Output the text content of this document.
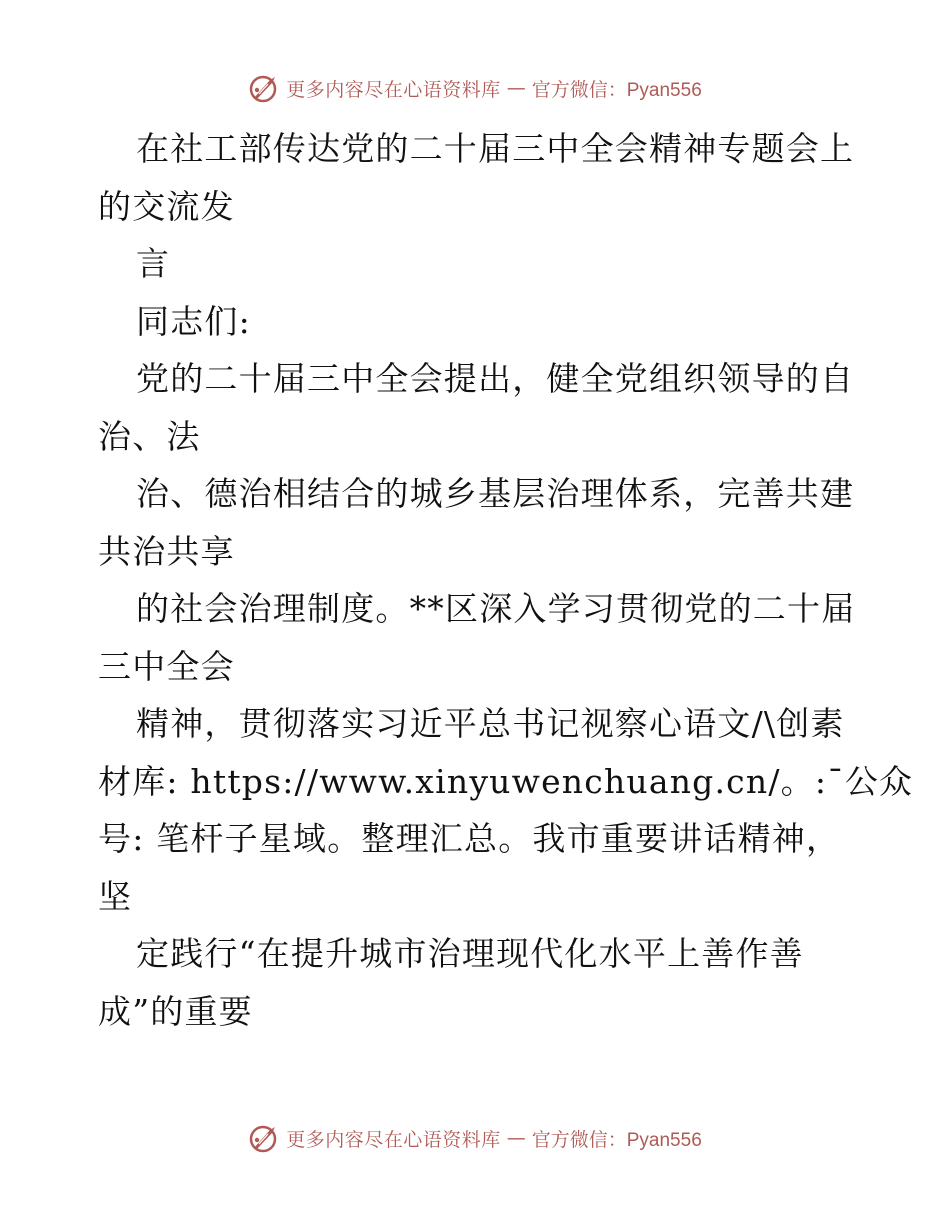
更多内容尽在心语资料库 — 官方微信：Pyan556
在社工部传达党的二十届三中全会精神专题会上
的交流发
言
同志们:
党的二十届三中全会提出，健全党组织领导的自
治、法
治、德治相结合的城乡基层治理体系，完善共建
共治共享
的社会治理制度。**区深入学习贯彻党的二十届
三中全会
精神，贯彻落实习近平总书记视察心语文/\创素
材库: https://www.xinyuwenchuang.cn/。:¯公众
号: 笔杆子星域。整理汇总。我市重要讲话精神，
坚
定践行“在提升城市治理现代化水平上善作善
成”的重要
更多内容尽在心语资料库 — 官方微信：Pyan556
